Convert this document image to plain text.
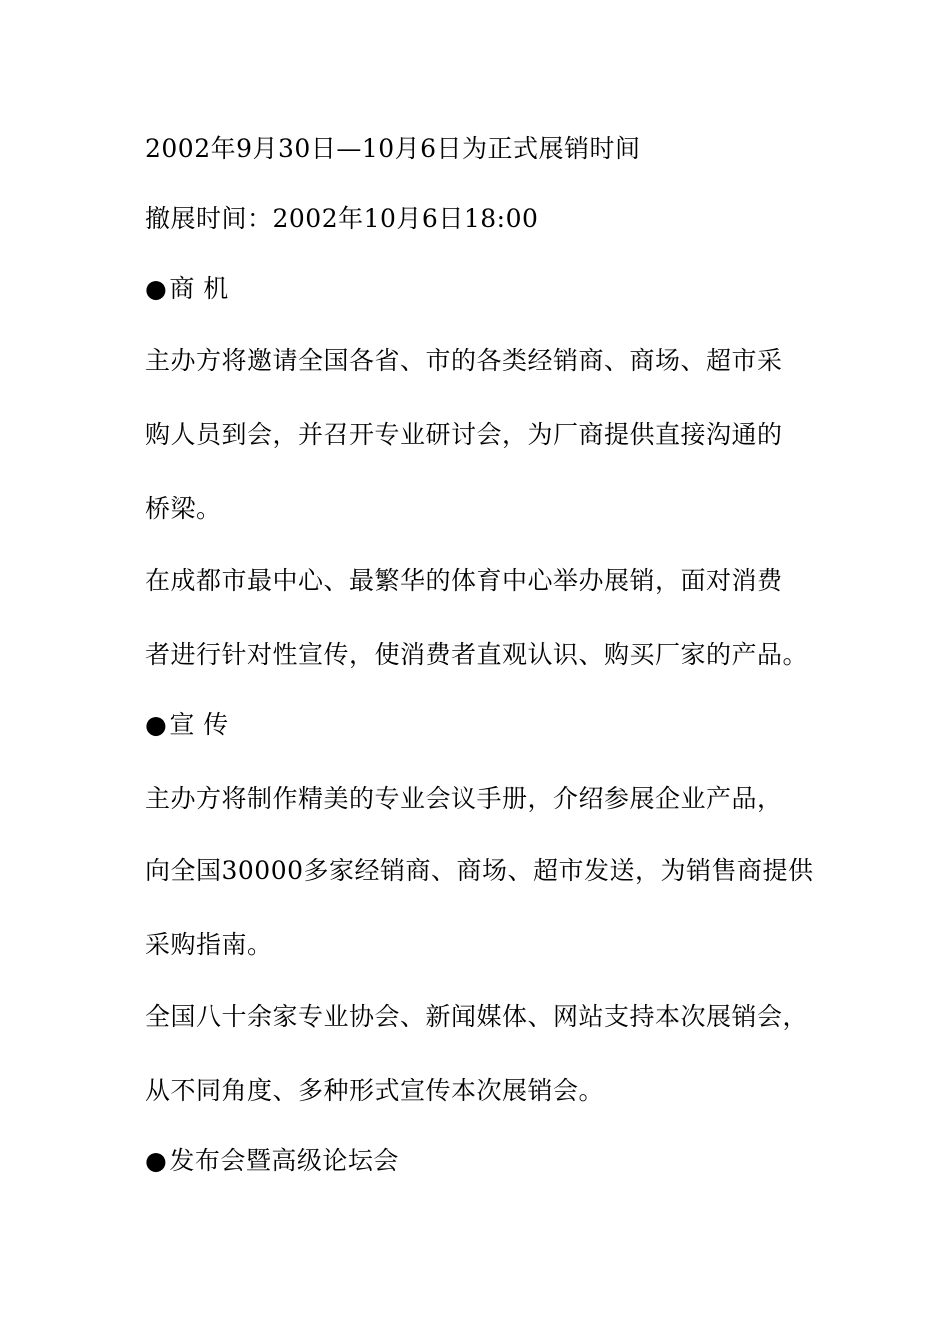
2002年9月30日—10月6日为正式展销时间
撤展时间：2002年10月6日18:00
●商 机
主办方将邀请全国各省、市的各类经销商、商场、超市采
购人员到会，并召开专业研讨会，为厂商提供直接沟通的
桥梁。
在成都市最中心、最繁华的体育中心举办展销，面对消费
者进行针对性宣传，使消费者直观认识、购买厂家的产品。
●宣 传
主办方将制作精美的专业会议手册，介绍参展企业产品，
向全国30000多家经销商、商场、超市发送，为销售商提供
采购指南。
全国八十余家专业协会、新闻媒体、网站支持本次展销会，
从不同角度、多种形式宣传本次展销会。
●发布会暨高级论坛会
